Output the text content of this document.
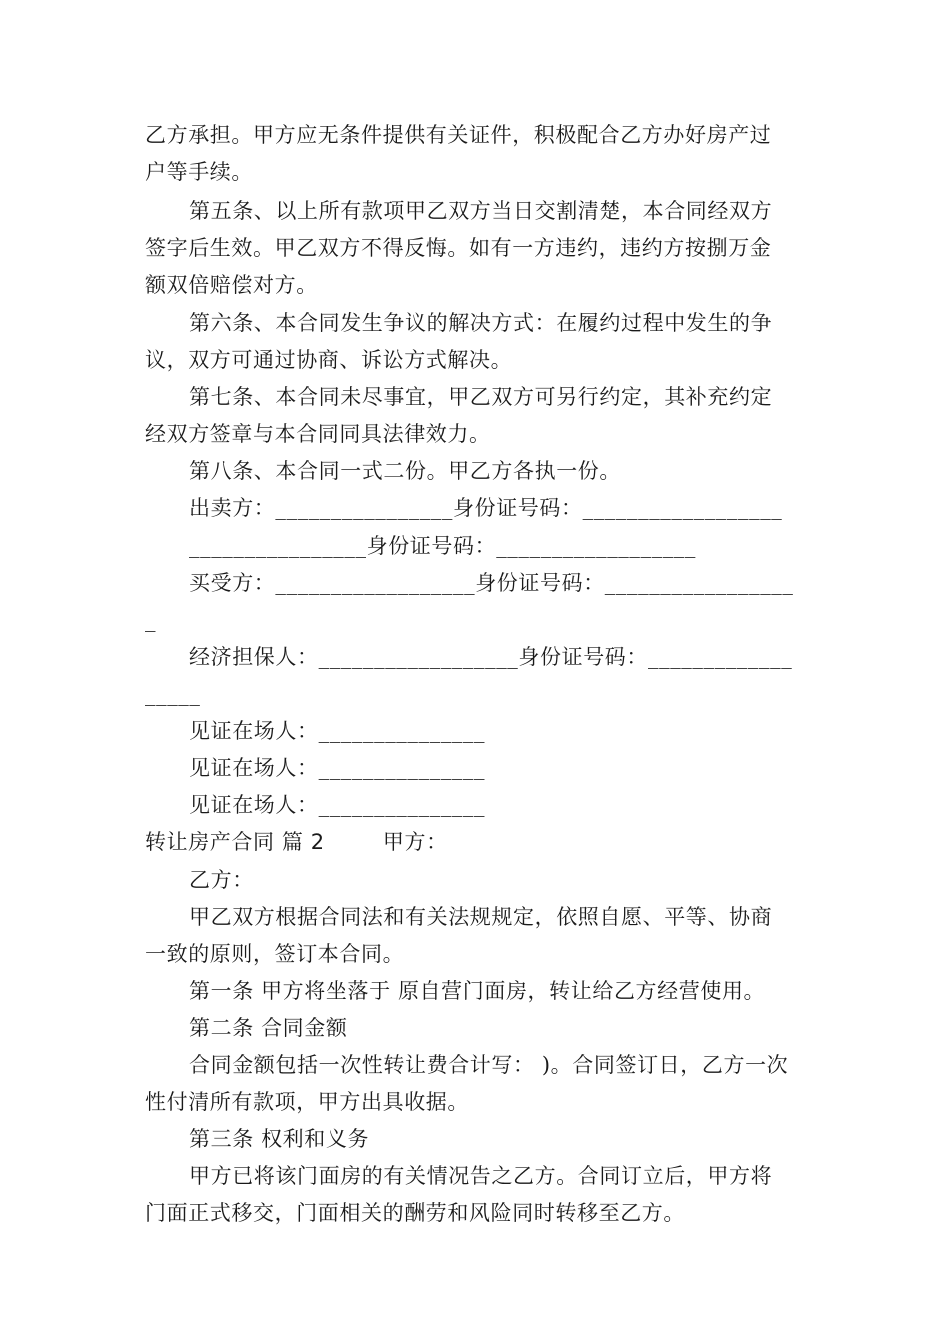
乙方承担。甲方应无条件提供有关证件，积极配合乙方办好房产过
户等手续。
第五条、以上所有款项甲乙双方当日交割清楚，本合同经双方
签字后生效。甲乙双方不得反悔。如有一方违约，违约方按捌万金
额双倍赔偿对方。
第六条、本合同发生争议的解决方式：在履约过程中发生的争
议，双方可通过协商、诉讼方式解决。
第七条、本合同未尽事宜，甲乙双方可另行约定，其补充约定
经双方签章与本合同同具法律效力。
第八条、本合同一式二份。甲乙方各执一份。
出卖方：________________身份证号码：__________________
________________身份证号码：__________________
买受方：__________________身份证号码：_________________
_
经济担保人：__________________身份证号码：_____________
_____
见证在场人：_______________
见证在场人：_______________
见证在场人：_______________
转让房产合同 篇 2        甲方：
乙方：
甲乙双方根据合同法和有关法规规定，依照自愿、平等、协商
一致的原则，签订本合同。
第一条 甲方将坐落于 原自营门面房，转让给乙方经营使用。
第二条 合同金额
合同金额包括一次性转让费合计写： )。合同签订日，乙方一次
性付清所有款项，甲方出具收据。
第三条 权利和义务
甲方已将该门面房的有关情况告之乙方。合同订立后，甲方将
门面正式移交，门面相关的酬劳和风险同时转移至乙方。
